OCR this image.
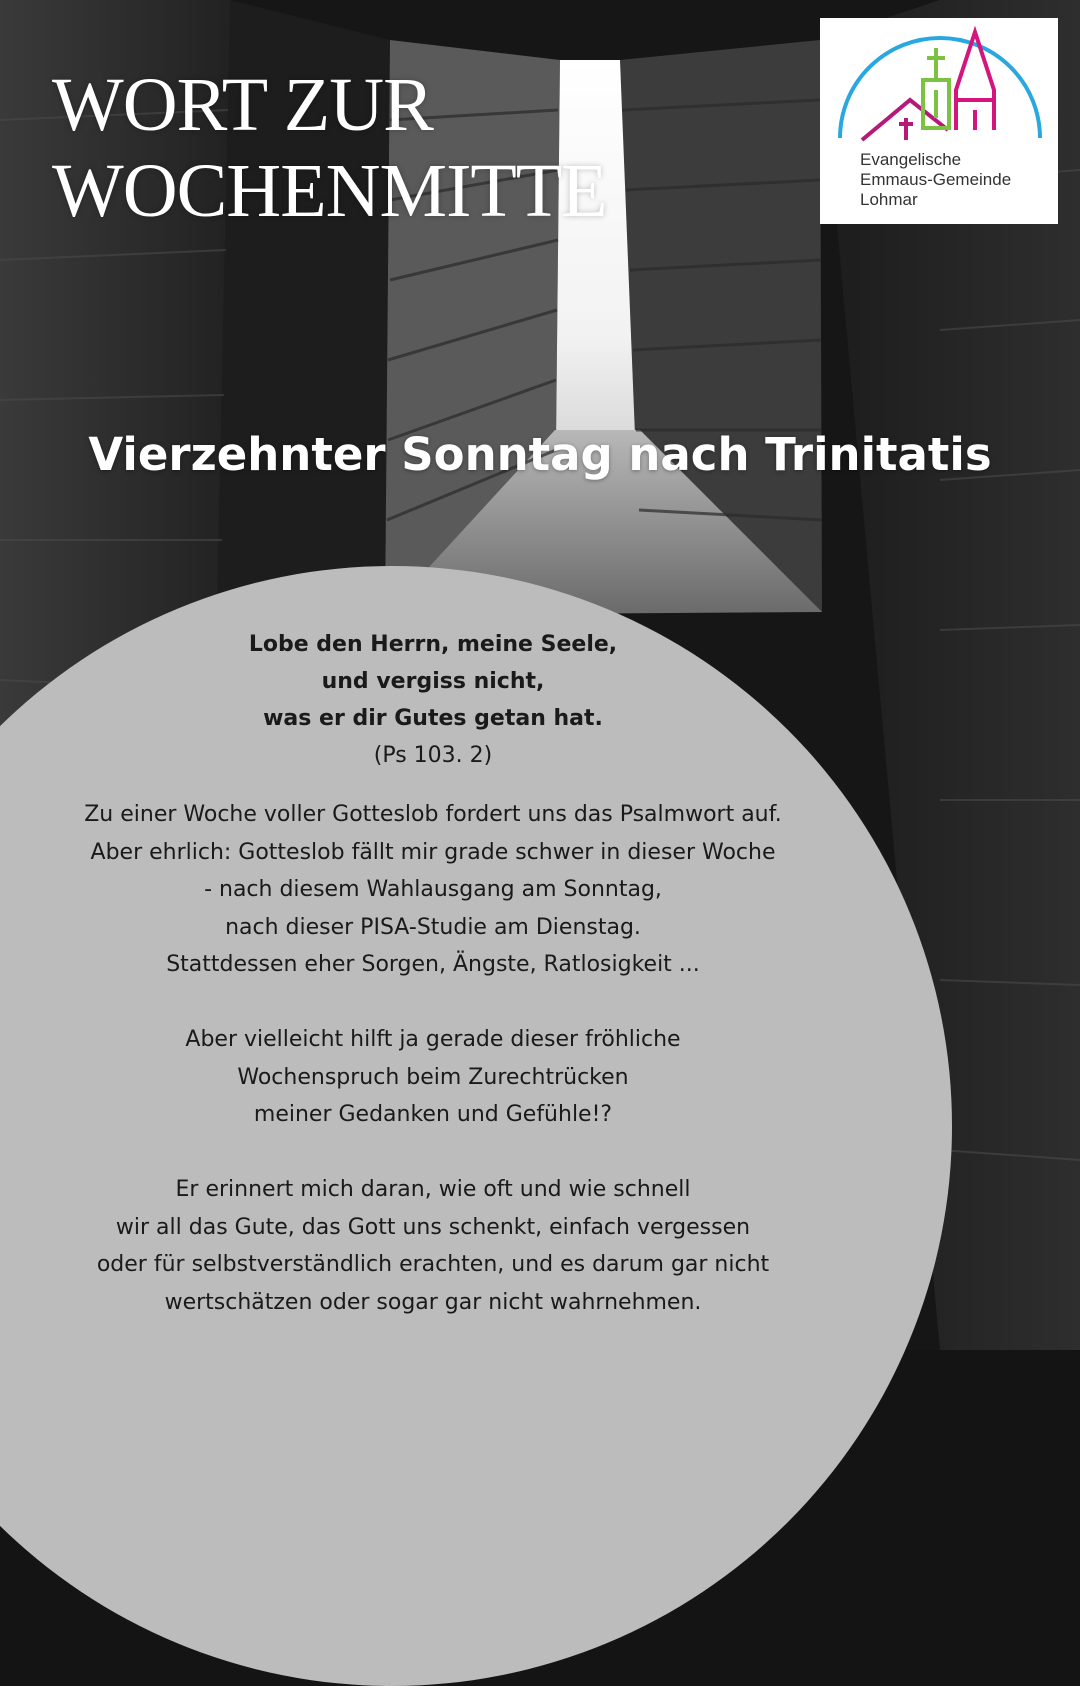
WORT ZUR
WOCHENMITTE	Evangelische
Emmaus-Gemeinde
Lohmar
Vierzehnter Sonntag nach Trinitatis
Lobe den Herrn, meine Seele,
und vergiss nicht,
was er dir Gutes getan hat.
(Ps 103. 2)

Zu einer Woche voller Gotteslob fordert uns das Psalmwort auf.
Aber ehrlich: Gotteslob fällt mir grade schwer in dieser Woche
- nach diesem Wahlausgang am Sonntag,
nach dieser PISA-Studie am Dienstag.
Stattdessen eher Sorgen, Ängste, Ratlosigkeit ...

Aber vielleicht hilft ja gerade dieser fröhliche
Wochenspruch beim Zurechtrücken
meiner Gedanken und Gefühle!?

Er erinnert mich daran, wie oft und wie schnell
wir all das Gute, das Gott uns schenkt, einfach vergessen
oder für selbstverständlich erachten, und es darum gar nicht
wertschätzen oder sogar gar nicht wahrnehmen.
